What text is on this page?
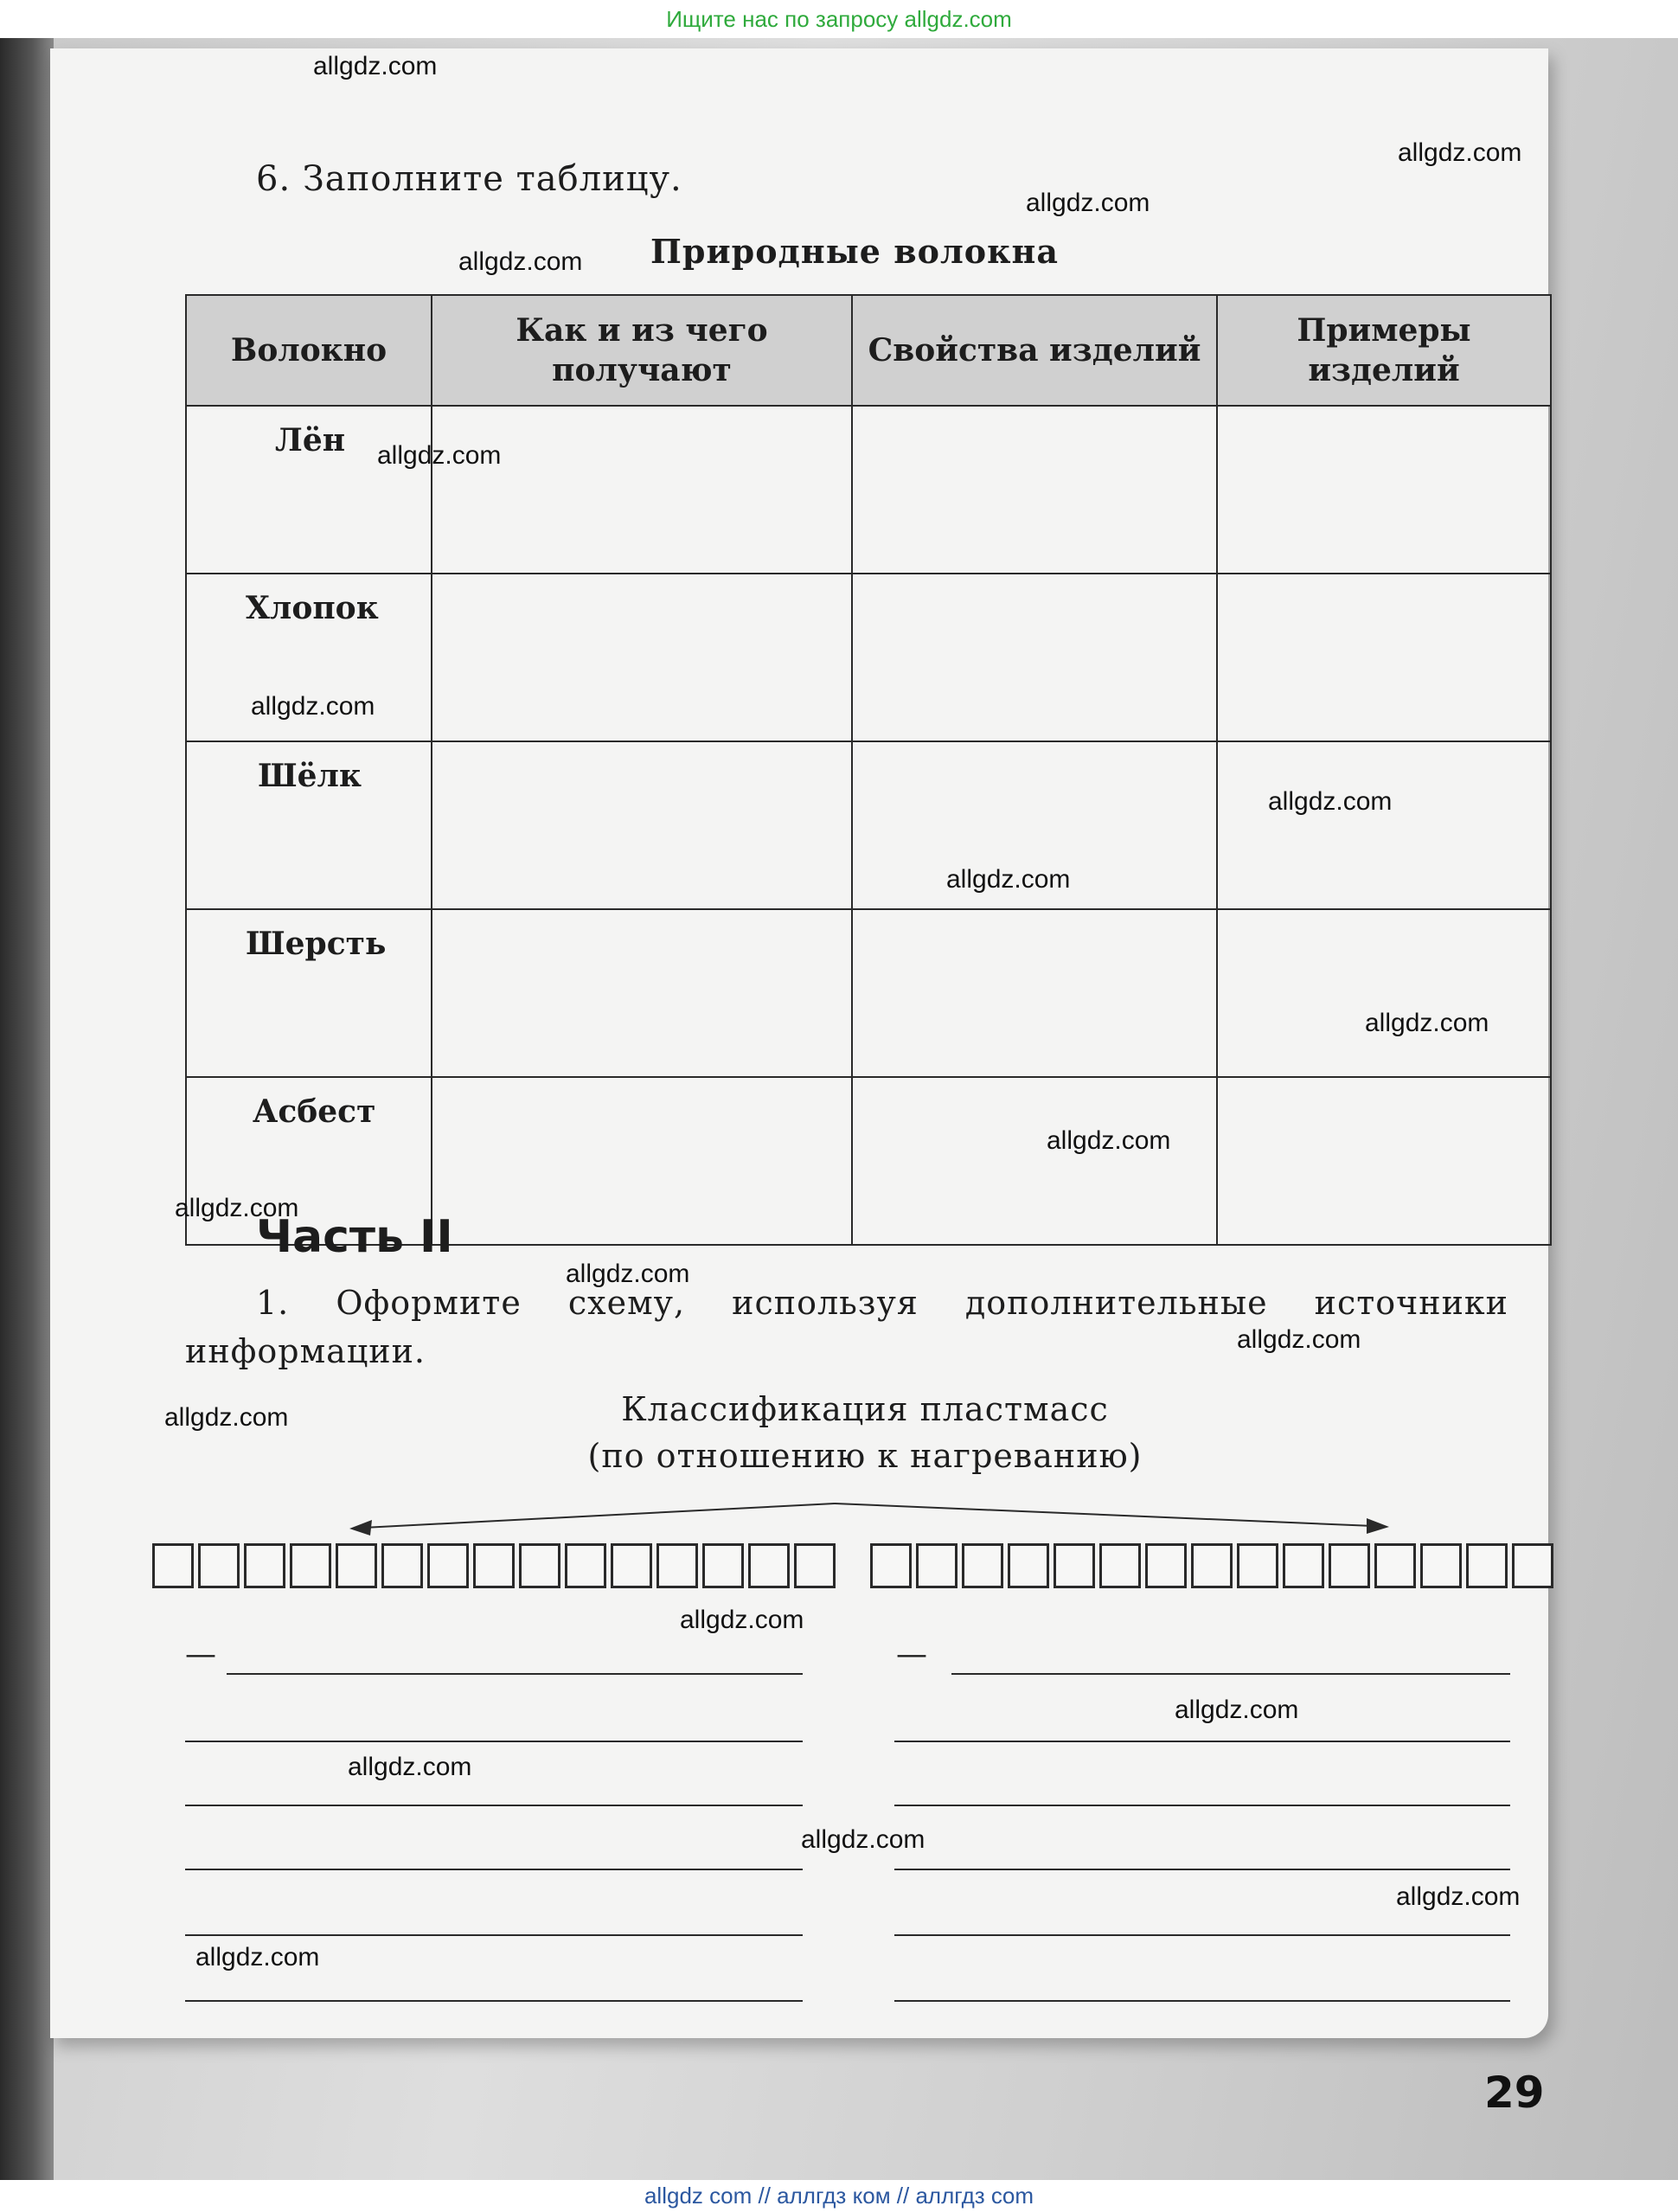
Ищите нас по запросу allgdz.com
6. Заполните таблицу.
Природные волокна
Волокно	Как и из чего получают	Свойства изделий	Примеры изделий
Лён			
Хлопок			
Шёлк			
Шерсть			
Асбест			
Часть II
1. Оформите схему, используя дополнительные источники информации.
Классификация пластмасс
(по отношению к нагреванию)
—	—
29
allgdz.com
allgdz.com
allgdz.com
allgdz.com
allgdz.com
allgdz.com
allgdz.com
allgdz.com
allgdz.com
allgdz.com
allgdz.com
allgdz.com
allgdz.com
allgdz.com
allgdz.com
allgdz.com
allgdz.com
allgdz.com
allgdz.com
allgdz.com
allgdz com // аллгдз ком // аллгдз com
